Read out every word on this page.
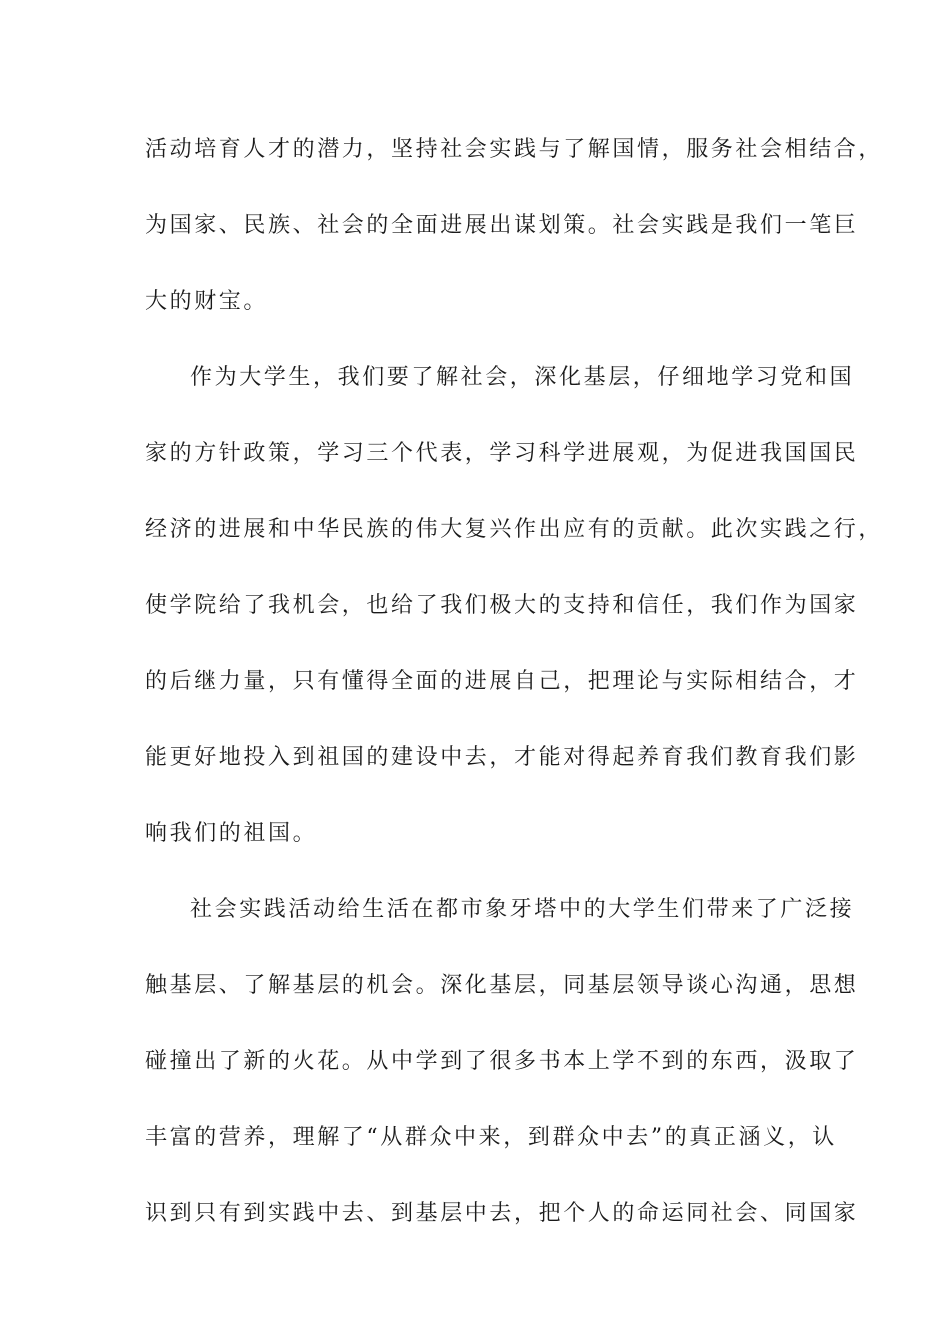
活动培育人才的潜力，坚持社会实践与了解国情，服务社会相结合，
为国家、民族、社会的全面进展出谋划策。社会实践是我们一笔巨
大的财宝。
作为大学生，我们要了解社会，深化基层，仔细地学习党和国
家的方针政策，学习三个代表，学习科学进展观，为促进我国国民
经济的进展和中华民族的伟大复兴作出应有的贡献。此次实践之行，
使学院给了我机会，也给了我们极大的支持和信任，我们作为国家
的后继力量，只有懂得全面的进展自己，把理论与实际相结合，才
能更好地投入到祖国的建设中去，才能对得起养育我们教育我们影
响我们的祖国。
社会实践活动给生活在都市象牙塔中的大学生们带来了广泛接
触基层、了解基层的机会。深化基层，同基层领导谈心沟通，思想
碰撞出了新的火花。从中学到了很多书本上学不到的东西，汲取了
丰富的营养，理解了“从群众中来，到群众中去”的真正涵义，认
识到只有到实践中去、到基层中去，把个人的命运同社会、同国家
